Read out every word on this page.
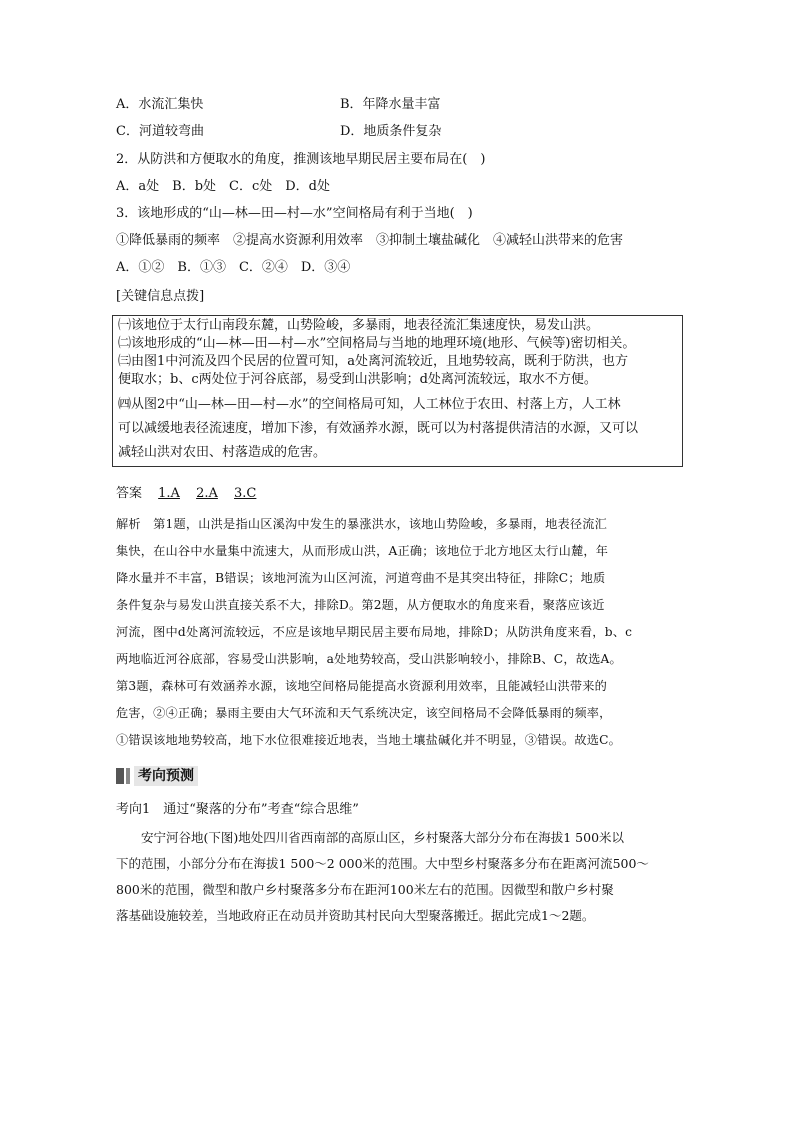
A．水流汇集快	B．年降水量丰富
C．河道较弯曲	D．地质条件复杂
2．从防洪和方便取水的角度，推测该地早期民居主要布局在(　)
A．a处　B．b处　C．c处　D．d处
3．该地形成的“山—林—田—村—水”空间格局有利于当地(　)
①降低暴雨的频率　②提高水资源利用效率　③抑制土壤盐碱化　④减轻山洪带来的危害
A．①②　B．①③　C．②④　D．③④
[关键信息点拨]
㈠该地位于太行山南段东麓，山势险峻，多暴雨，地表径流汇集速度快，易发山洪。
㈡该地形成的“山—林—田—村—水”空间格局与当地的地理环境(地形、气候等)密切相关。
㈢由图1中河流及四个民居的位置可知，a处离河流较近，且地势较高，既利于防洪，也方
便取水；b、c两处位于河谷底部，易受到山洪影响；d处离河流较远，取水不方便。
㈣从图2中“山—林—田—村—水”的空间格局可知，人工林位于农田、村落上方，人工林
可以减缓地表径流速度，增加下渗，有效涵养水源，既可以为村落提供清洁的水源，又可以
减轻山洪对农田、村落造成的危害。
答案 1.A 2.A 3.C
解析　第1题，山洪是指山区溪沟中发生的暴涨洪水，该地山势险峻，多暴雨，地表径流汇
集快，在山谷中水量集中流速大，从而形成山洪，A正确；该地位于北方地区太行山麓，年
降水量并不丰富，B错误；该地河流为山区河流，河道弯曲不是其突出特征，排除C；地质
条件复杂与易发山洪直接关系不大，排除D。第2题，从方便取水的角度来看，聚落应该近
河流，图中d处离河流较远，不应是该地早期民居主要布局地，排除D；从防洪角度来看，b、c
两地临近河谷底部，容易受山洪影响，a处地势较高，受山洪影响较小，排除B、C，故选A。
第3题，森林可有效涵养水源，该地空间格局能提高水资源利用效率，且能减轻山洪带来的
危害，②④正确；暴雨主要由大气环流和天气系统决定，该空间格局不会降低暴雨的频率，
①错误该地地势较高，地下水位很难接近地表，当地土壤盐碱化并不明显，③错误。故选C。
考向预测
考向1　通过“聚落的分布”考查“综合思维”
　　安宁河谷地(下图)地处四川省西南部的高原山区，乡村聚落大部分分布在海拔1 500米以
下的范围，小部分分布在海拔1 500～2 000米的范围。大中型乡村聚落多分布在距离河流500～
800米的范围，微型和散户乡村聚落多分布在距河100米左右的范围。因微型和散户乡村聚
落基础设施较差，当地政府正在动员并资助其村民向大型聚落搬迁。据此完成1～2题。
